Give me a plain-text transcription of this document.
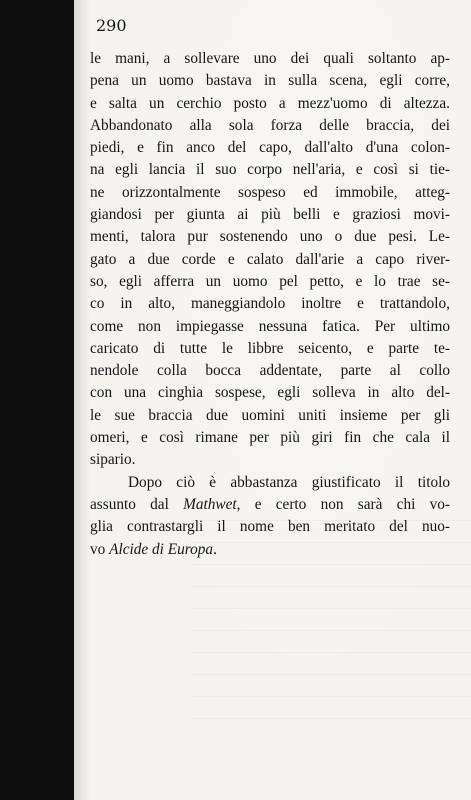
290
le mani, a sollevare uno dei quali soltanto ap-
pena un uomo bastava in sulla scena, egli corre,
e salta un cerchio posto a mezz'uomo di altezza.
Abbandonato alla sola forza delle braccia, dei
piedi, e fin anco del capo, dall'alto d'una colon-
na egli lancia il suo corpo nell'aria, e così si tie-
ne orizzontalmente sospeso ed immobile, atteg-
giandosi per giunta ai più belli e graziosi movi-
menti, talora pur sostenendo uno o due pesi. Le-
gato a due corde e calato dall'arie a capo river-
so, egli afferra un uomo pel petto, e lo trae se-
co in alto, maneggiandolo inoltre e trattandolo,
come non impiegasse nessuna fatica. Per ultimo
caricato di tutte le libbre seicento, e parte te-
nendole colla bocca addentate, parte al collo
con una cinghia sospese, egli solleva in alto del-
le sue braccia due uomini uniti insieme per gli
omeri, e così rimane per più giri fin che cala il
sipario.
Dopo ciò è abbastanza giustificato il titolo
assunto dal Mathwet, e certo non sarà chi vo-
glia contrastargli il nome ben meritato del nuo-
vo Alcide di Europa.
